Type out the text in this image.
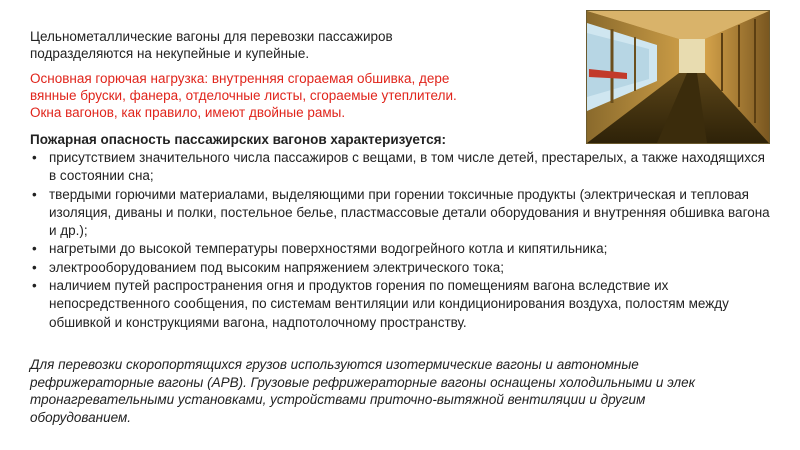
Цельнометаллические вагоны для перевозки пассажиров подразделяются на некупейные и купейные.
Основная горючая нагрузка: внутренняя сгораемая обшивка, дере
вянные бруски, фанера, отделочные листы, сгораемые утеплители.
Окна вагонов, как правило, имеют двойные рамы.
Пожарная опасность пассажирских вагонов характеризуется:
• присутствием значительного числа пассажиров с вещами, в том числе детей, престарелых, а также находящихся в состоянии сна;
• твердыми горючими материалами, выделяющими при горении токсичные продукты (электрическая и тепловая изоляция, диваны и полки, постельное белье, пластмассовые детали оборудования и внутренняя обшивка вагона и др.);
• нагретыми до высокой температуры поверхностями водогрейного котла и кипятильника;
• электрооборудованием под высоким напряжением электрического тока;
• наличием путей распространения огня и продуктов горения по помещениям вагона вследствие их непосредственного сообщения, по системам вентиляции или кондиционирования воздуха, полостям между обшивкой и конструкциями вагона, надпотолочному пространству.
Для перевозки скоропортящихся грузов используются изотермические вагоны и автономные
рефрижераторные вагоны (АРВ). Грузовые рефрижераторные вагоны оснащены холодильными и элек
тронагревательными установками, устройствами приточно-вытяжной вентиляции и другим
оборудованием.
